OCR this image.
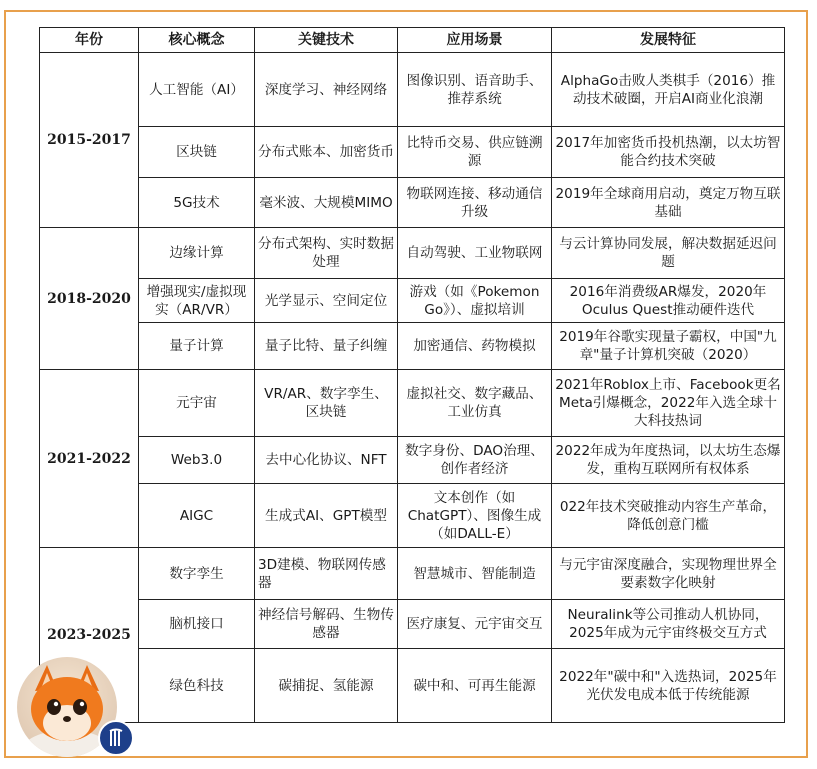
年份	核心概念	关键技术	应用场景	发展特征
2015-2017	人工智能（AI）	深度学习、神经网络	图像识别、语音助手、推荐系统	AlphaGo击败人类棋手（2016）推动技术破圈，开启AI商业化浪潮
	区块链	分布式账本、加密货币	比特币交易、供应链溯源	2017年加密货币投机热潮，以太坊智能合约技术突破
	5G技术	毫米波、大规模MIMO	物联网连接、移动通信升级	2019年全球商用启动，奠定万物互联基础
2018-2020	边缘计算	分布式架构、实时数据处理	自动驾驶、工业物联网	与云计算协同发展，解决数据延迟问题
	增强现实/虚拟现实（AR/VR）	光学显示、空间定位	游戏（如《Pokemon Go》）、虚拟培训	2016年消费级AR爆发，2020年Oculus Quest推动硬件迭代
	量子计算	量子比特、量子纠缠	加密通信、药物模拟	2019年谷歌实现量子霸权，中国"九章"量子计算机突破（2020）
2021-2022	元宇宙	VR/AR、数字孪生、区块链	虚拟社交、数字藏品、工业仿真	2021年Roblox上市、Facebook更名Meta引爆概念，2022年入选全球十大科技热词
	Web3.0	去中心化协议、NFT	数字身份、DAO治理、创作者经济	2022年成为年度热词，以太坊生态爆发，重构互联网所有权体系
	AIGC	生成式AI、GPT模型	文本创作（如ChatGPT）、图像生成（如DALL-E）	022年技术突破推动内容生产革命，降低创意门槛
2023-2025	数字孪生	3D建模、物联网传感器	智慧城市、智能制造	与元宇宙深度融合，实现物理世界全要素数字化映射
	脑机接口	神经信号解码、生物传感器	医疗康复、元宇宙交互	Neuralink等公司推动人机协同，2025年成为元宇宙终极交互方式
	绿色科技	碳捕捉、氢能源	碳中和、可再生能源	2022年"碳中和"入选热词，2025年光伏发电成本低于传统能源
